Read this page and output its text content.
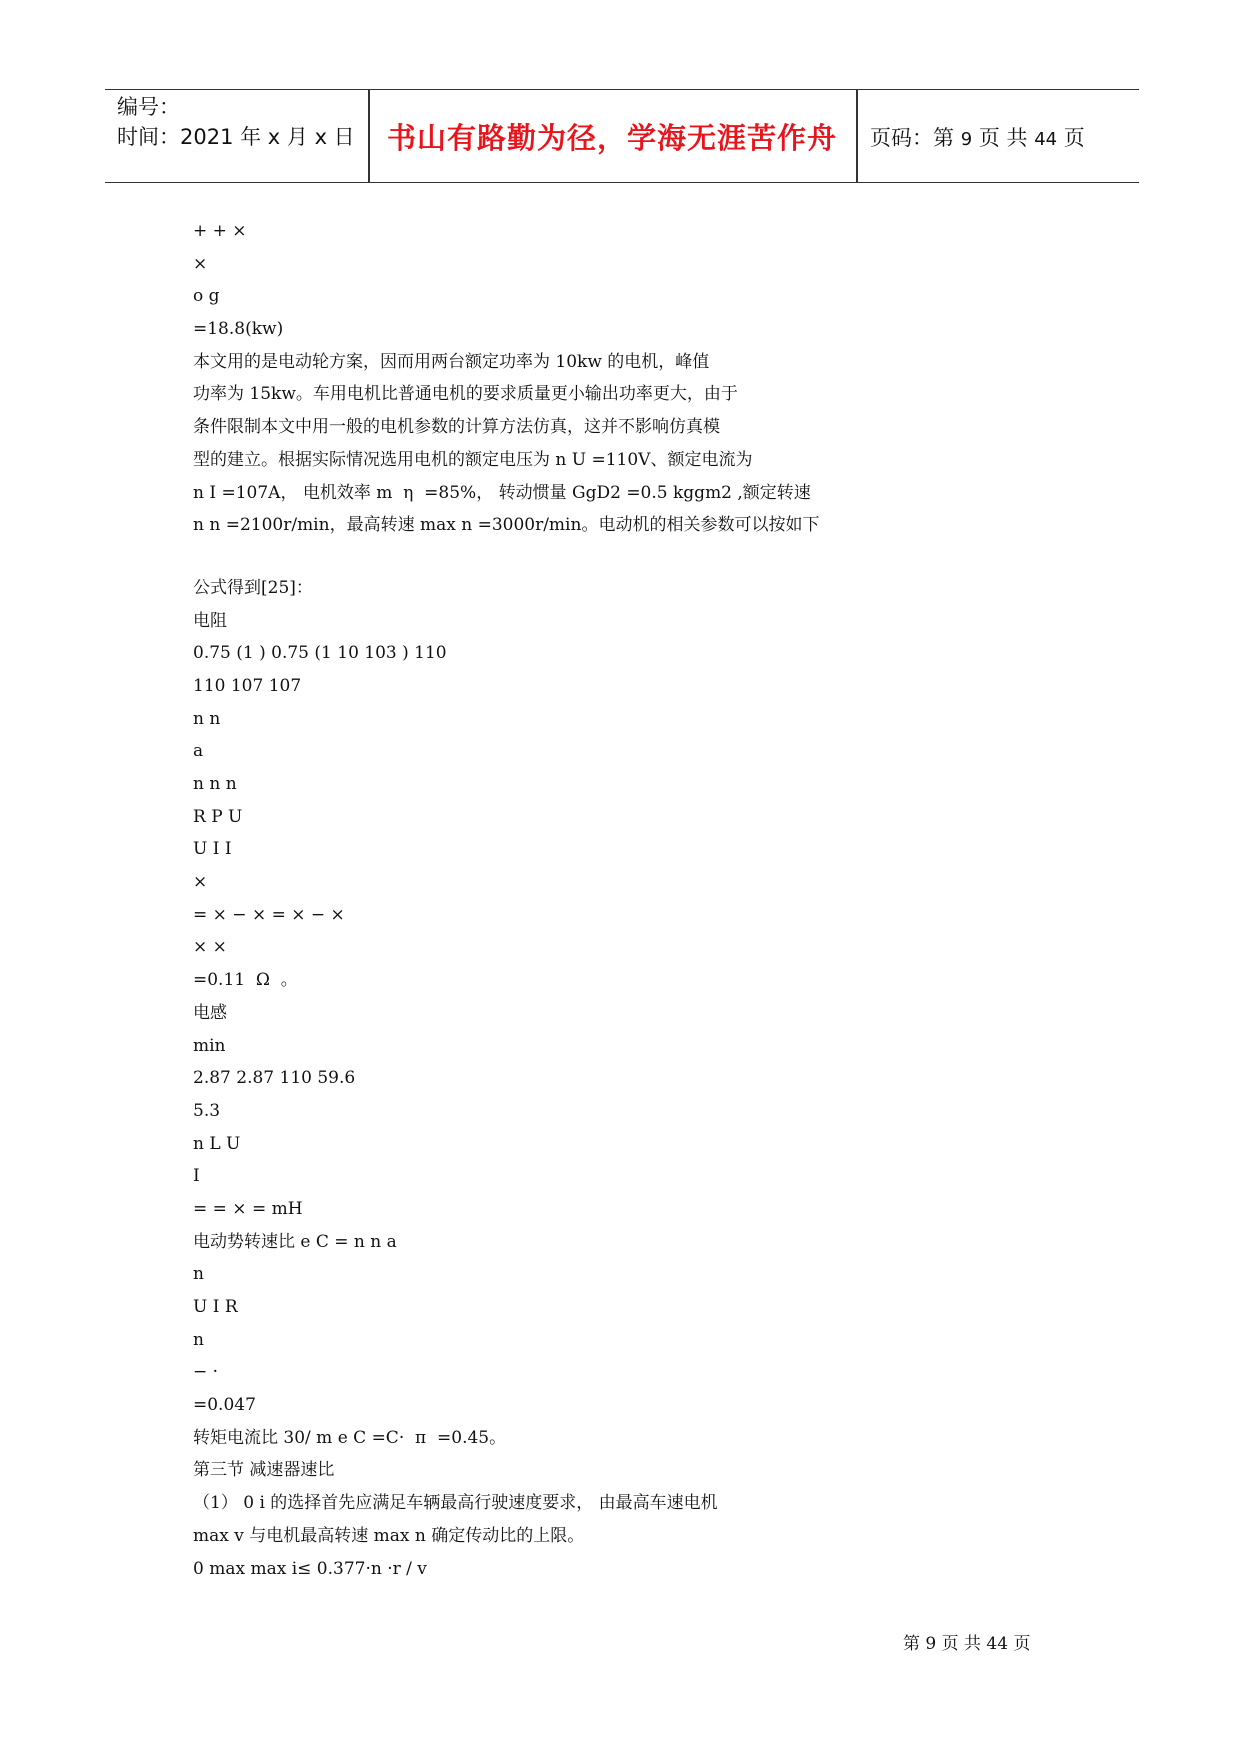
编号：
时间：2021 年 x 月 x 日	书山有路勤为径，学海无涯苦作舟	页码：第 9 页 共 44 页
+ + ×
×
o g
=18.8(kw)
本文用的是电动轮方案，因而用两台额定功率为 10kw 的电机，峰值
功率为 15kw。车用电机比普通电机的要求质量更小输出功率更大，由于
条件限制本文中用一般的电机参数的计算方法仿真，这并不影响仿真模
型的建立。根据实际情况选用电机的额定电压为 n U =110V、额定电流为
n I =107A， 电机效率 m  η  =85%， 转动惯量 GgD2 =0.5 kggm2 ,额定转速
n n =2100r/min，最高转速 max n =3000r/min。电动机的相关参数可以按如下
公式得到[25]：
电阻
0.75 (1 ) 0.75 (1 10 103 ) 110
110 107 107
n n
a
n n n
R P U
U I I
×
= × − × = × − ×
× ×
=0.11  Ω  。
电感
min
2.87 2.87 110 59.6
5.3
n L U
I
= = × = mH
电动势转速比 e C = n n a
n
U I R
n
− ·
=0.047
转矩电流比 30/ m e C =C·  π  =0.45。
第三节 减速器速比
（1） 0 i 的选择首先应满足车辆最高行驶速度要求， 由最高车速电机
max v 与电机最高转速 max n 确定传动比的上限。
0 max max i≤ 0.377·n ·r / v
第 9 页 共 44 页
